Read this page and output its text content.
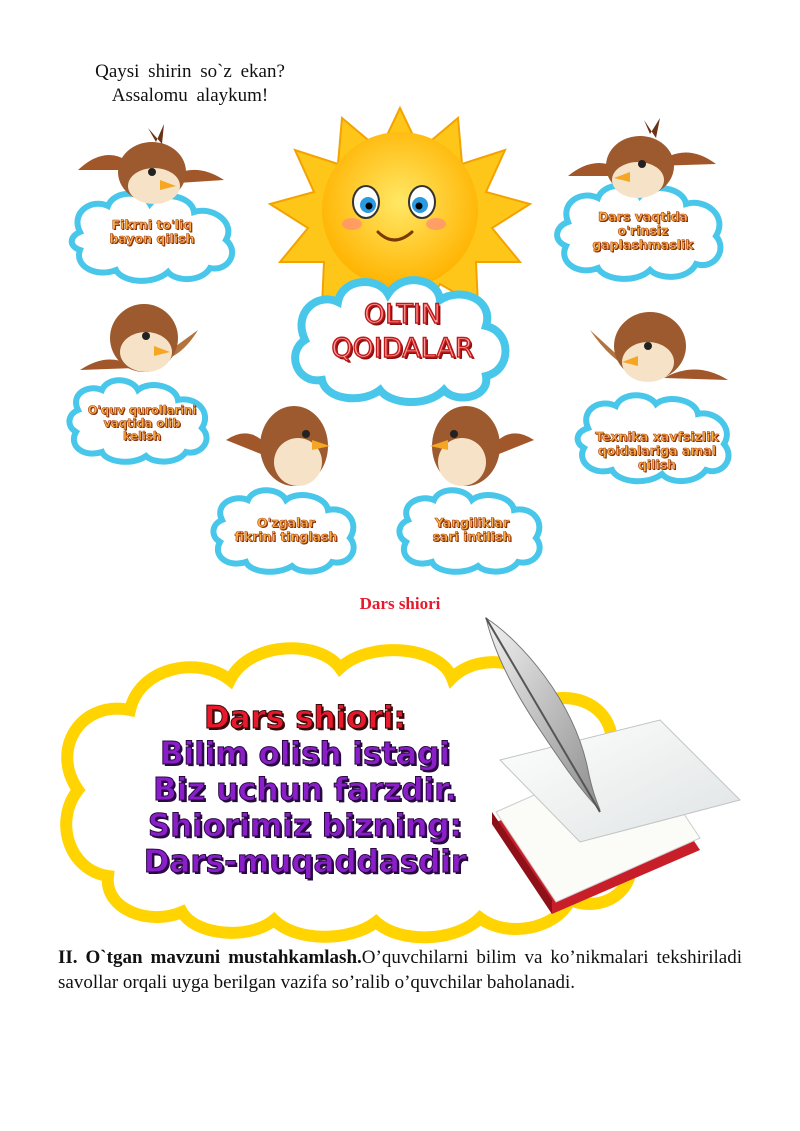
Qaysi shirin so`z ekan?
Assalomu alaykum!
Fikrni to'liq
bayon qilish
Dars vaqtida
o'rinsiz
gaplashmaslik
O'quv qurollarini
vaqtida olib
kelish	Texnika xavfsizlik
qoidalariga amal
qilish
O'zgalar
fikrini tinglash
Yangiliklar
sari intilish
OLTIN
QOIDALAR
Dars shiori
Dars shiori:
Bilim olish istagi
Biz uchun farzdir.
Shiorimiz bizning:
Dars-muqaddasdir
II. O`tgan mavzuni mustahkamlash.O’quvchilarni bilim va ko’nikmalari tekshiriladi savollar orqali uyga berilgan vazifa so’ralib o’quvchilar baholanadi.
